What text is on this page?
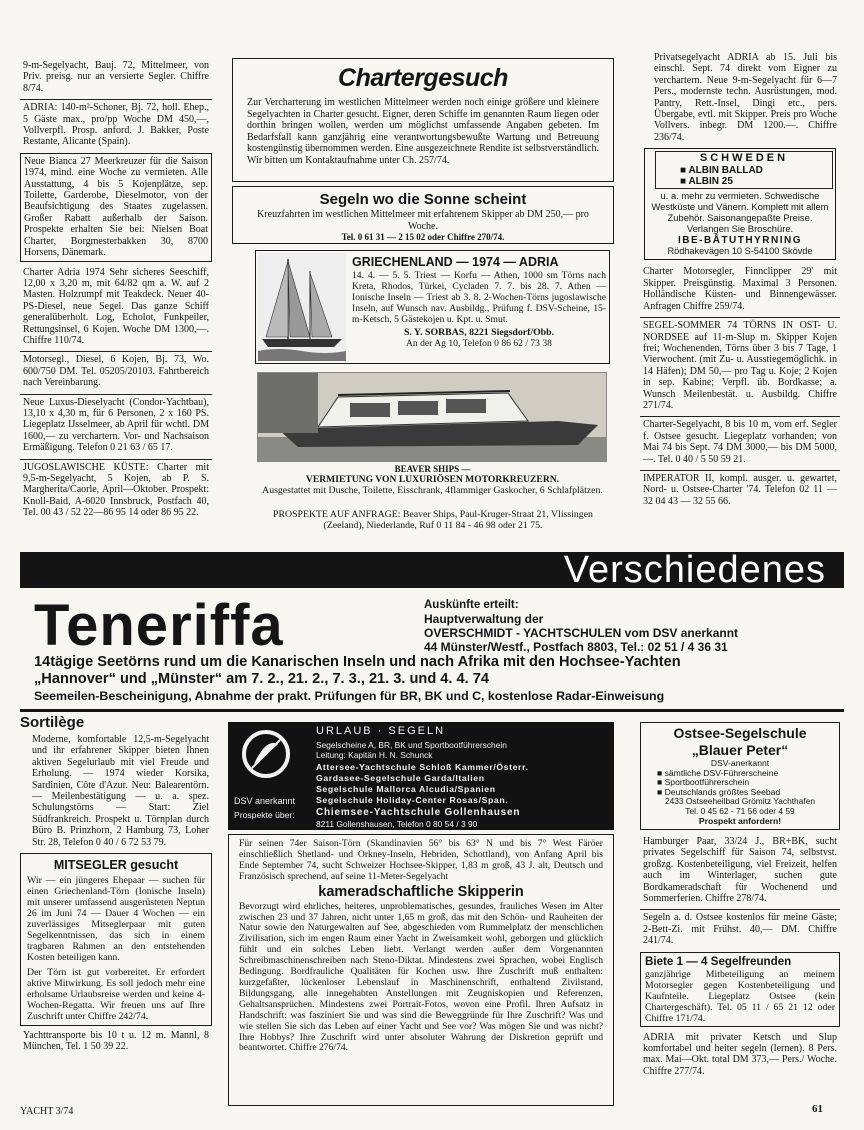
9-m-Segelyacht, Bauj. 72, Mittelmeer, von Priv. preisg. nur an versierte Segler. Chiffre 8/74.
ADRIA: 140-m²-Schoner, Bj. 72, holl. Ehep., 5 Gäste max., pro/pp Woche DM 450,—, Vollverpfl. Prosp. anford. J. Bakker, Poste Restante, Alicante (Spain).
Neue Bianca 27 Meerkreuzer für die Saison 1974, mind. eine Woche zu vermieten. Alle Ausstattung, 4 bis 5 Kojenplätze, sep. Toilette, Garderobe, Dieselmotor, von der Beaufsichtigung des Staates zugelassen. Großer Rabatt außerhalb der Saison. Prospekte erhalten Sie bei: Nielsen Boat Charter, Borgmesterbakken 30, 8700 Horsens, Dänemark.
Charter Adria 1974 Sehr sicheres Seeschiff, 12,00 x 3,20 m, mit 64/82 qm a. W. auf 2 Masten. Holzrumpf mit Teakdeck. Neuer 40-PS-Diesel, neue Segel. Das ganze Schiff generalüberholt. Log, Echolot, Funkpeiler, Rettungsinsel, 6 Kojen. Woche DM 1300,—. Chiffre 110/74.
Motorsegl., Diesel, 6 Kojen, Bj. 73, Wo. 600/750 DM. Tel. 05205/20103. Fahrtbereich nach Vereinbarung.
Neue Luxus-Dieselyacht (Condor-Yachtbau), 13,10 x 4,30 m, für 6 Personen, 2 x 160 PS. Liegeplatz IJsselmeer, ab April für wchtl. DM 1600,— zu verchartern. Vor- und Nachsaison Ermäßigung. Telefon 0 21 63 / 65 17.
JUGOSLAWISCHE KÜSTE: Charter mit 9,5-m-Segelyacht, 5 Kojen, ab P. S. Margherita/Caorle, April—Oktober. Prospekt: Knoll-Baid, A-6020 Innsbruck, Postfach 40, Tel. 00 43 / 52 22—86 95 14 oder 86 95 22.
Chartergesuch
Zur Vercharterung im westlichen Mittelmeer werden noch einige größere und kleinere Segelyachten in Charter gesucht. Eigner, deren Schiffe im genannten Raum liegen oder dorthin bringen wollen, werden um möglichst umfassende Angaben gebeten. Im Bedarfsfall kann ganzjährig eine verantwortungsbewußte Wartung und Betreuung kostengünstig übernommen werden. Eine ausgezeichnete Rendite ist selbstverständlich. Wir bitten um Kontaktaufnahme unter Ch. 257/74.
Segeln wo die Sonne scheint
Kreuzfahrten im westlichen Mittelmeer mit erfahrenem Skipper ab DM 250,— pro Woche.
Tel. 0 61 31 — 2 15 02 oder Chiffre 270/74.
GRIECHENLAND — 1974 — ADRIA
14. 4. — 5. 5. Triest — Korfu — Athen, 1000 sm Törns nach Kreta, Rhodos, Türkei, Cycladen 7. 7. bis 28. 7. Athen — Ionische Inseln — Triest ab 3. 8. 2-Wochen-Törns jugoslawische Inseln, auf Wunsch nav. Ausbildg., Prüfung f. DSV-Scheine, 15-m-Ketsch, 5 Gästekojen u. Kpt. u. Smut.
S. Y. SORBAS, 8221 Siegsdorf/Obb.
An der Ag 10, Telefon 0 86 62 / 73 38
BEAVER SHIPS —
VERMIETUNG VON LUXURIÖSEN MOTORKREUZERN.
Ausgestattet mit Dusche, Toilette, Eisschrank, 4flammiger Gaskocher, 6 Schlafplätzen.
PROSPEKTE AUF ANFRAGE: Beaver Ships, Paul-Kruger-Straat 21, Vlissingen (Zeeland), Niederlande, Ruf 0 11 84 - 46 98 oder 21 75.
Privatsegelyacht ADRIA ab 15. Juli bis einschl. Sept. 74 direkt vom Eigner zu verchartern. Neue 9-m-Segelyacht für 6—7 Pers., modernste techn. Ausrüstungen, mod. Pantry, Rett.-Insel, Dingi etc., pers. Übergabe, evtl. mit Skipper. Preis pro Woche Vollvers. inbegr. DM 1200.—. Chiffre 236/74.
SCHWEDEN
■ ALBIN BALLAD
■ ALBIN 25
u. a. mehr zu vermieten. Schwedische Westküste und Vänern. Komplett mit allem Zubehör. Saisonangepaßte Preise. Verlangen Sie Broschüre.
IBE-BÅTUTHYRNING
Rödhakevägen 10 S-54100 Skövde
Charter Motorsegler, Finnclipper 29' mit Skipper. Preisgünstig. Maximal 3 Personen. Holländische Küsten- und Binnengewässer. Anfragen Chiffre 259/74.
SEGEL-SOMMER 74 TÖRNS IN OST- U. NORDSEE auf 11-m-Slup m. Skipper Kojen frei; Wochenenden, Törns über 3 bis 7 Tage, 1 Vierwochent. (mit Zu- u. Ausstiegemöglichk. in 14 Häfen); DM 50,— pro Tag u. Koje; 2 Kojen in sep. Kabine; Verpfl. üb. Bordkasse; a. Wunsch Meilenbestät. u. Ausbildg. Chiffre 271/74.
Charter-Segelyacht, 8 bis 10 m, vom erf. Segler f. Ostsee gesucht. Liegeplatz vorhanden; von Mai 74 bis Sept. 74 DM 3000,— bis DM 5000,—. Tel. 0 40 / 5 50 59 21.
IMPERATOR II, kompl. ausger. u. gewartet, Nord- u. Ostsee-Charter '74. Telefon 02 11 — 32 04 43 — 32 55 66.
Verschiedenes
Teneriffa	Auskünfte erteilt:
Hauptverwaltung der
OVERSCHMIDT - YACHTSCHULEN vom DSV anerkannt
44 Münster/Westf., Postfach 8803, Tel.: 02 51 / 4 36 31
14tägige Seetörns rund um die Kanarischen Inseln und nach Afrika mit den Hochsee-Yachten
„Hannover“ und „Münster“ am 7. 2., 21. 2., 7. 3., 21. 3. und 4. 4. 74
Seemeilen-Bescheinigung, Abnahme der prakt. Prüfungen für BR, BK und C, kostenlose Radar-Einweisung
Sortilège
Moderne, komfortable 12,5-m-Segelyacht und ihr erfahrener Skipper bieten Ihnen aktiven Segelurlaub mit viel Freude und Erholung. — 1974 wieder Korsika, Sardinien, Côte d'Azur. Neu: Balearentörn. — Meilenbestätigung — u. a. spez. Schulungstörns — Start: Ziel Südfrankreich. Prospekt u. Törnplan durch Büro B. Prinzhorn, 2 Hamburg 73, Loher Str. 28, Telefon 0 40 / 6 72 53 79.
MITSEGLER gesucht
Wir — ein jüngeres Ehepaar — suchen für einen Griechenland-Törn (Ionische Inseln) mit unserer umfassend ausgerüsteten Neptun 26 im Juni 74 — Dauer 4 Wochen — ein zuverlässiges Mitseglerpaar mit guten Segelkenntnissen, das sich in einem tragbaren Rahmen an den entstehenden Kosten beteiligen kann.
Der Törn ist gut vorbereitet. Er erfordert aktive Mitwirkung. Es soll jedoch mehr eine erholsame Urlaubsreise werden und keine 4-Wochen-Regatta. Wir freuen uns auf Ihre Zuschrift unter Chiffre 242/74.
Yachttransporte bis 10 t u. 12 m. Mannl, 8 München, Tel. 1 50 39 22.
DSV anerkannt
URLAUB · SEGELN
Segelscheine A, BR, BK und Sportbootführerschein
Leitung: Kapitän H. N. Schunck
Attersee-Yachtschule Schloß Kammer/Österr.
Gardasee-Segelschule Garda/Italien
Segelschule Mallorca Alcudia/Spanien
Segelschule Holiday-Center Rosas/Span.
Prospekte über: Chiemsee-Yachtschule Gollenhausen
8211 Gollenshausen, Telefon 0 80 54 / 3 90
Für seinen 74er Saison-Törn (Skandinavien 56° bis 63° N und bis 7° West Färöer einschließlich Shetland- und Orkney-Inseln, Hebriden, Schottland), von Anfang April bis Ende September 74, sucht Schweizer Hochsee-Skipper, 1,83 m groß, 43 J. alt, Deutsch und Französisch sprechend, auf seine 11-Meter-Segelyacht
kameradschaftliche Skipperin
Bevorzugt wird ehrliches, heiteres, unproblematisches, gesundes, frauliches Wesen im Alter zwischen 23 und 37 Jahren, nicht unter 1,65 m groß, das mit den Schön- und Rauheiten der Natur sowie den Naturgewalten auf See, abgeschieden vom Rummelplatz der menschlichen Zivilisation, sich im engen Raum einer Yacht in Zweisamkeit wohl, geborgen und glücklich fühlt und ein solches Leben liebt. Verlangt werden außer dem Vorgenannten Schreibmaschinenschreiben nach Steno-Diktat. Mindestens zwei Sprachen, wobei Englisch Bedingung. Bordfrauliche Qualitäten für Kochen usw. Ihre Zuschrift muß enthalten: kurzgefaßter, lückenloser Lebenslauf in Maschinenschrift, enthaltend Zivilstand, Bildungsgang, alle innegehabten Anstellungen mit Zeugniskopien und Referenzen, Gehaltsansprüchen. Mindestens zwei Portrait-Fotos, wovon eine Profil. Ihren Aufsatz in Handschrift: was fasziniert Sie und was sind die Beweggründe für Ihre Zuschrift? Was und wie stellen Sie sich das Leben auf einer Yacht und See vor? Was mögen Sie und was nicht? Ihre Hobbys? Ihre Zuschrift wird unter absoluter Wahrung der Diskretion geprüft und beantwortet. Chiffre 276/74.
Ostsee-Segelschule
„Blauer Peter“
DSV-anerkannt
■ sämtliche DSV-Führerscheine
■ Sportbootführerschein
■ Deutschlands größtes Seebad
2433 Ostseeheilbad Grömitz Yachthafen
Tel. 0 45 62 - 71 56 oder 4 59
Prospekt anfordern!
Hamburger Paar, 33/24 J., BR+BK, sucht privates Segelschiff für Saison 74, selbstvst. großzg. Kostenbeteiligung, viel Freizeit, helfen auch im Winterlager, suchen gute Bordkameradschaft für Wochenend und Sommerferien. Chiffre 278/74.
Segeln a. d. Ostsee kostenlos für meine Gäste; 2-Bett-Zi. mit Frühst. 40,— DM. Chiffre 241/74.
Biete 1 — 4 Segelfreunden
ganzjährige Mitbeteiligung an meinem Motorsegler gegen Kostenbeteiligung und Kaufnteile. Liegeplatz Ostsee (kein Chartergeschäft). Tel. 05 11 / 65 21 12 oder Chiffre 171/74.
ADRIA mit privater Ketsch und Slup komfortabel und heiter segeln (lernen). 8 Pers. max. Mai—Okt. total DM 373,— Pers./ Woche. Chiffre 277/74.
YACHT 3/74	61
